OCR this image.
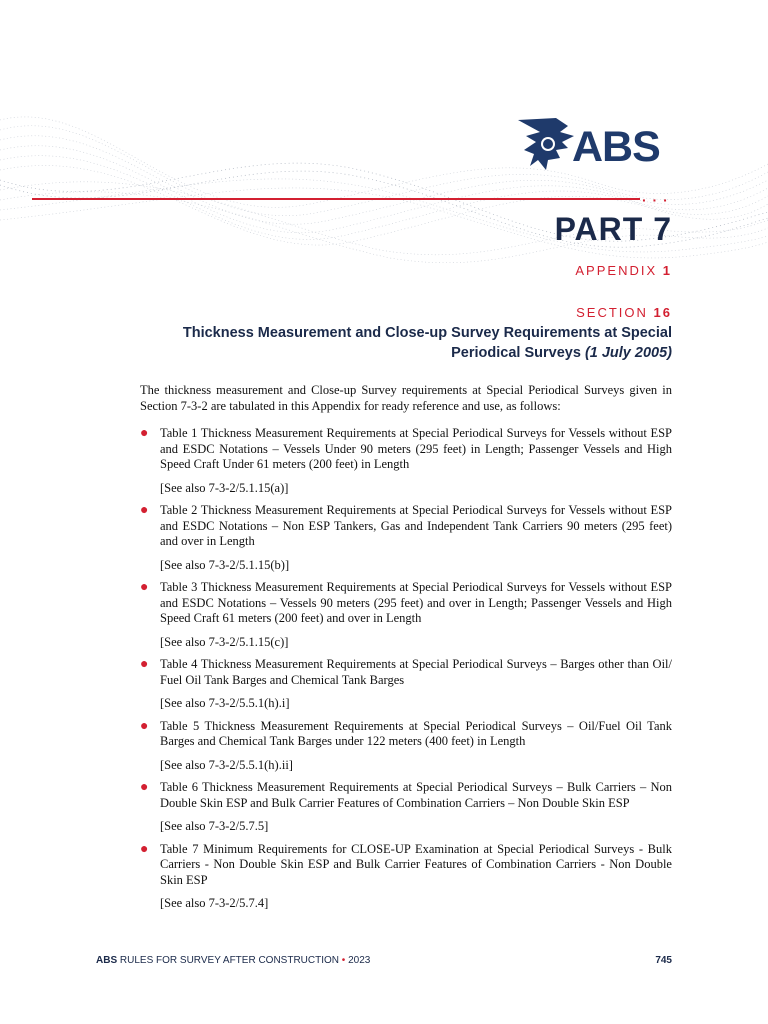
ABS
· · ·
PART 7
APPENDIX 1
SECTION 16
Thickness Measurement and Close-up Survey Requirements at Special Periodical Surveys (1 July 2005)

The thickness measurement and Close-up Survey requirements at Special Periodical Surveys given in Section 7-3-2 are tabulated in this Appendix for ready reference and use, as follows:

● Table 1 Thickness Measurement Requirements at Special Periodical Surveys for Vessels without ESP and ESDC Notations – Vessels Under 90 meters (295 feet) in Length; Passenger Vessels and High Speed Craft Under 61 meters (200 feet) in Length

[See also 7-3-2/5.1.15(a)]

● Table 2 Thickness Measurement Requirements at Special Periodical Surveys for Vessels without ESP and ESDC Notations – Non ESP Tankers, Gas and Independent Tank Carriers 90 meters (295 feet) and over in Length

[See also 7-3-2/5.1.15(b)]

● Table 3 Thickness Measurement Requirements at Special Periodical Surveys for Vessels without ESP and ESDC Notations – Vessels 90 meters (295 feet) and over in Length; Passenger Vessels and High Speed Craft 61 meters (200 feet) and over in Length

[See also 7-3-2/5.1.15(c)]

● Table 4 Thickness Measurement Requirements at Special Periodical Surveys – Barges other than Oil/ Fuel Oil Tank Barges and Chemical Tank Barges

[See also 7-3-2/5.5.1(h).i]

● Table 5 Thickness Measurement Requirements at Special Periodical Surveys – Oil/Fuel Oil Tank Barges and Chemical Tank Barges under 122 meters (400 feet) in Length

[See also 7-3-2/5.5.1(h).ii]

● Table 6 Thickness Measurement Requirements at Special Periodical Surveys – Bulk Carriers – Non Double Skin ESP and Bulk Carrier Features of Combination Carriers – Non Double Skin ESP

[See also 7-3-2/5.7.5]

● Table 7 Minimum Requirements for CLOSE-UP Examination at Special Periodical Surveys - Bulk Carriers - Non Double Skin ESP and Bulk Carrier Features of Combination Carriers - Non Double Skin ESP

[See also 7-3-2/5.7.4]

ABS RULES FOR SURVEY AFTER CONSTRUCTION • 2023	745
